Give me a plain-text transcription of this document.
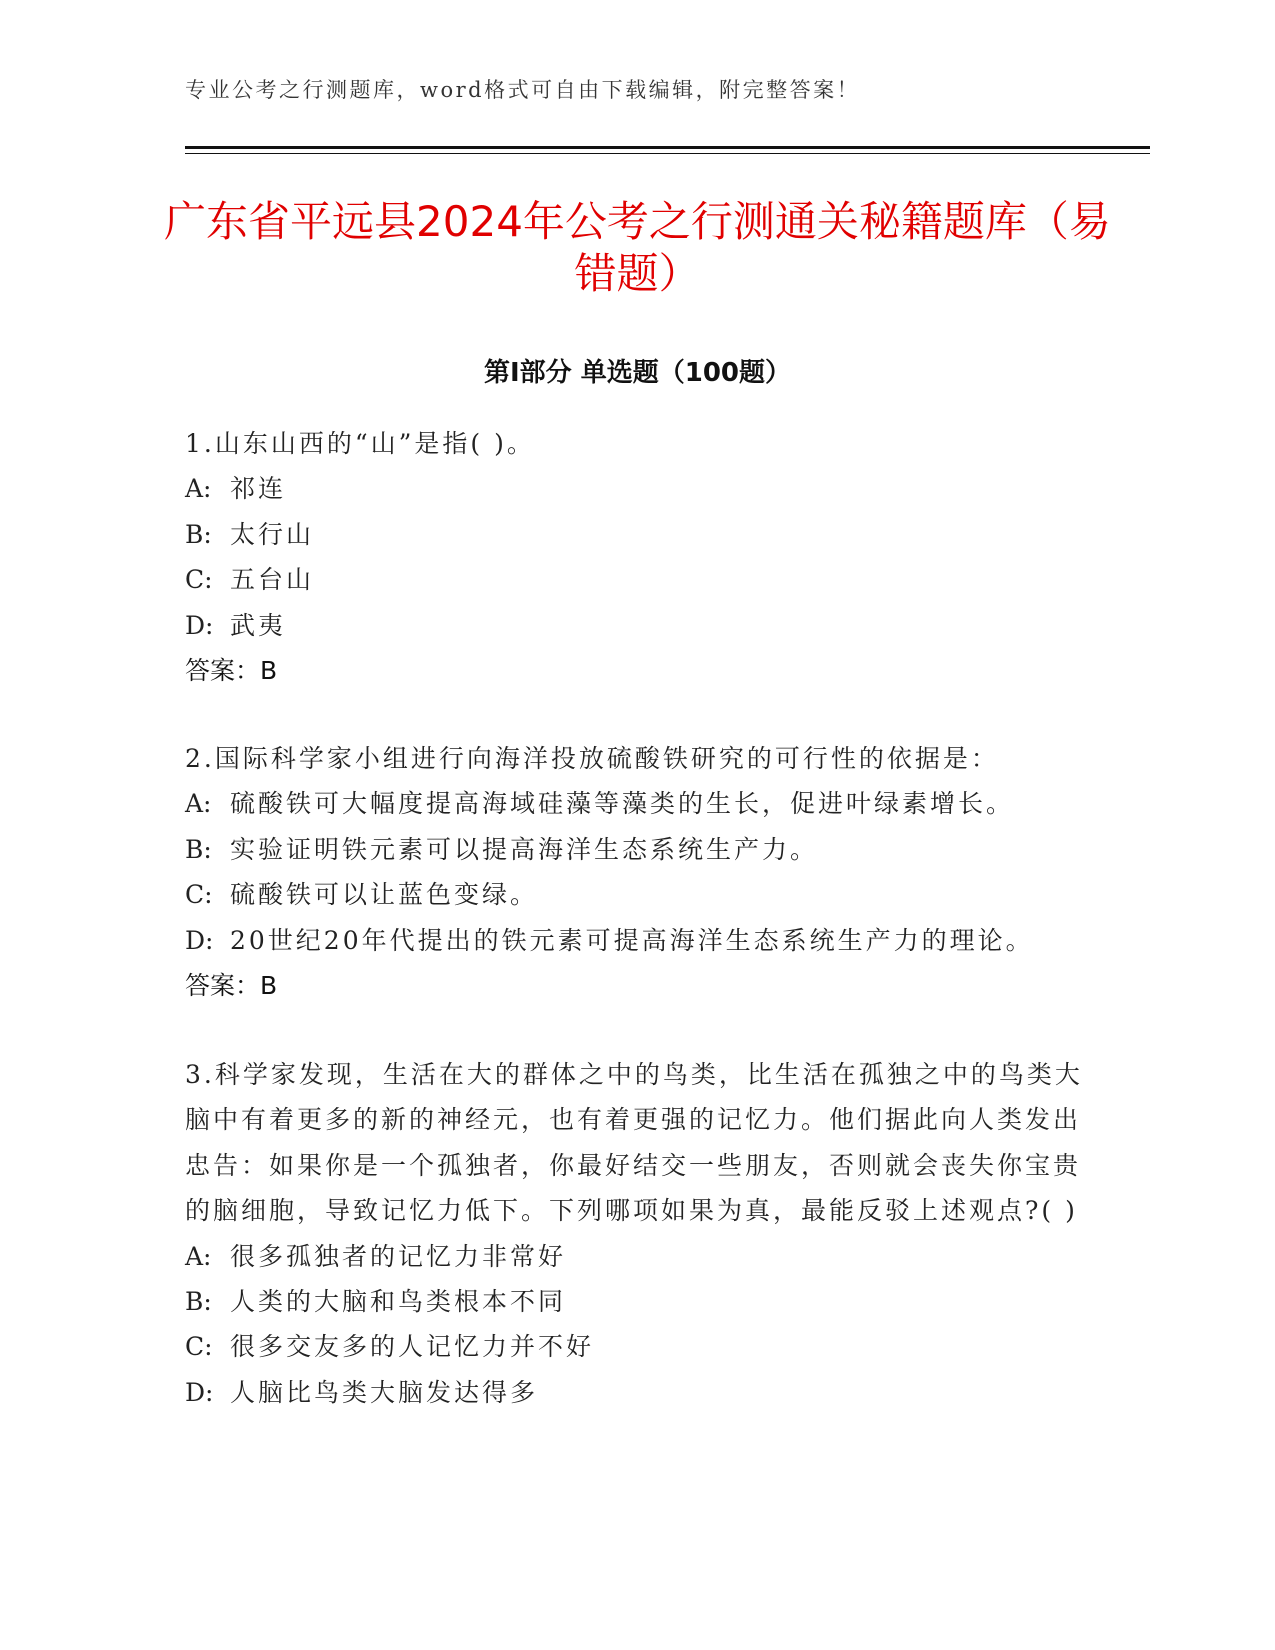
专业公考之行测题库，word格式可自由下载编辑，附完整答案！
广东省平远县2024年公考之行测通关秘籍题库（易错题）
第Ⅰ部分 单选题（100题）
1.山东山西的“山”是指( )。
A: 祁连
B: 太行山
C: 五台山
D: 武夷
答案：B
2.国际科学家小组进行向海洋投放硫酸铁研究的可行性的依据是：
A: 硫酸铁可大幅度提高海域硅藻等藻类的生长，促进叶绿素增长。
B: 实验证明铁元素可以提高海洋生态系统生产力。
C: 硫酸铁可以让蓝色变绿。
D: 20世纪20年代提出的铁元素可提高海洋生态系统生产力的理论。
答案：B
3.科学家发现，生活在大的群体之中的鸟类，比生活在孤独之中的鸟类大脑中有着更多的新的神经元，也有着更强的记忆力。他们据此向人类发出忠告：如果你是一个孤独者，你最好结交一些朋友，否则就会丧失你宝贵的脑细胞，导致记忆力低下。下列哪项如果为真，最能反驳上述观点?( )
A: 很多孤独者的记忆力非常好
B: 人类的大脑和鸟类根本不同
C: 很多交友多的人记忆力并不好
D: 人脑比鸟类大脑发达得多
